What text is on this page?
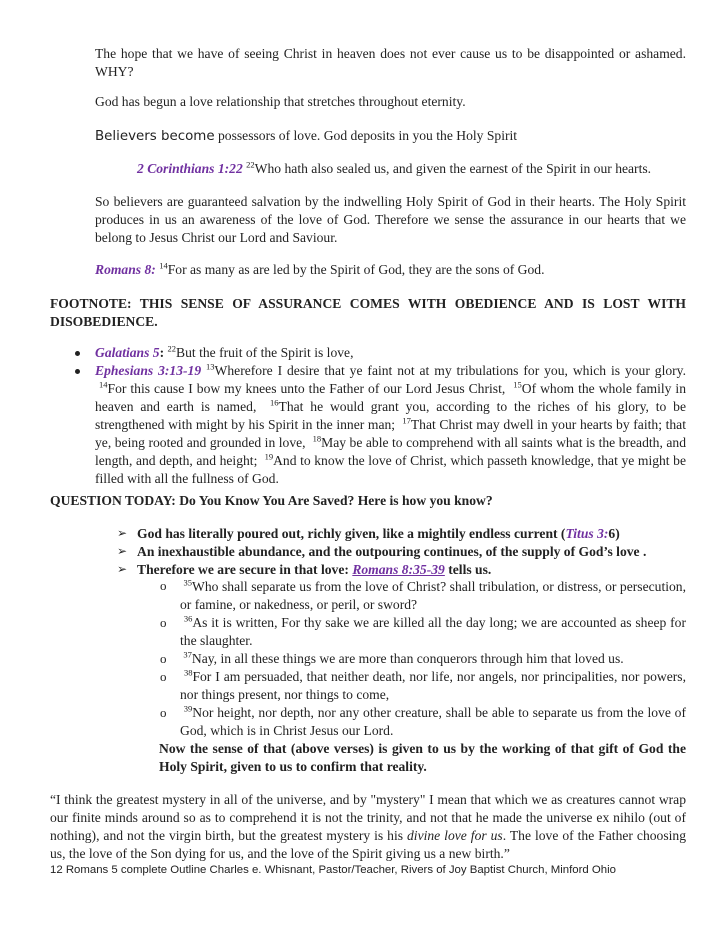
The hope that we have of seeing Christ in heaven does not ever cause us to be disappointed or ashamed. WHY?
God has begun a love relationship that stretches throughout eternity.
Believers become possessors of love. God deposits in you the Holy Spirit
2 Corinthians 1:22 $^{22}$Who hath also sealed us, and given the earnest of the Spirit in our hearts.
So believers are guaranteed salvation by the indwelling Holy Spirit of God in their hearts. The Holy Spirit produces in us an awareness of the love of God. Therefore we sense the assurance in our hearts that we belong to Jesus Christ our Lord and Saviour.
Romans 8: $^{14}$For as many as are led by the Spirit of God, they are the sons of God.
FOOTNOTE: THIS SENSE OF ASSURANCE COMES WITH OBEDIENCE AND IS LOST WITH DISOBEDIENCE.
Galatians 5: $^{22}$But the fruit of the Spirit is love,
Ephesians 3:13-19 $^{13}$Wherefore I desire that ye faint not at my tribulations for you, which is your glory.  $^{14}$For this cause I bow my knees unto the Father of our Lord Jesus Christ, $^{15}$Of whom the whole family in heaven and earth is named, $^{16}$That he would grant you, according to the riches of his glory, to be strengthened with might by his Spirit in the inner man; $^{17}$That Christ may dwell in your hearts by faith; that ye, being rooted and grounded in love, $^{18}$May be able to comprehend with all saints what is the breadth, and length, and depth, and height; $^{19}$And to know the love of Christ, which passeth knowledge, that ye might be filled with all the fullness of God.
QUESTION TODAY: Do You Know You Are Saved? Here is how you know?
➢ God has literally poured out, richly given, like a mightily endless current (Titus 3:6)
➢ An inexhaustible abundance, and the outpouring continues, of the supply of God’s love .
➢ Therefore we are secure in that love: Romans 8:35-39 tells us.
o	$^{35}$Who shall separate us from the love of Christ? shall tribulation, or distress, or persecution, or famine, or nakedness, or peril, or sword?
o	$^{36}$As it is written, For thy sake we are killed all the day long; we are accounted as sheep for the slaughter.
o	$^{37}$Nay, in all these things we are more than conquerors through him that loved us.
o	$^{38}$For I am persuaded, that neither death, nor life, nor angels, nor principalities, nor powers, nor things present, nor things to come,
o	$^{39}$Nor height, nor depth, nor any other creature, shall be able to separate us from the love of God, which is in Christ Jesus our Lord.
Now the sense of that (above verses) is given to us by the working of that gift of God the Holy Spirit, given to us to confirm that reality.
“I think the greatest mystery in all of the universe, and by "mystery" I mean that which we as creatures cannot wrap our finite minds around so as to comprehend it is not the trinity, and not that he made the universe ex nihilo (out of nothing), and not the virgin birth, but the greatest mystery is his divine love for us. The love of the Father choosing us, the love of the Son dying for us, and the love of the Spirit giving us a new birth.”
12 Romans 5 complete Outline Charles e. Whisnant, Pastor/Teacher, Rivers of Joy Baptist Church, Minford Ohio
